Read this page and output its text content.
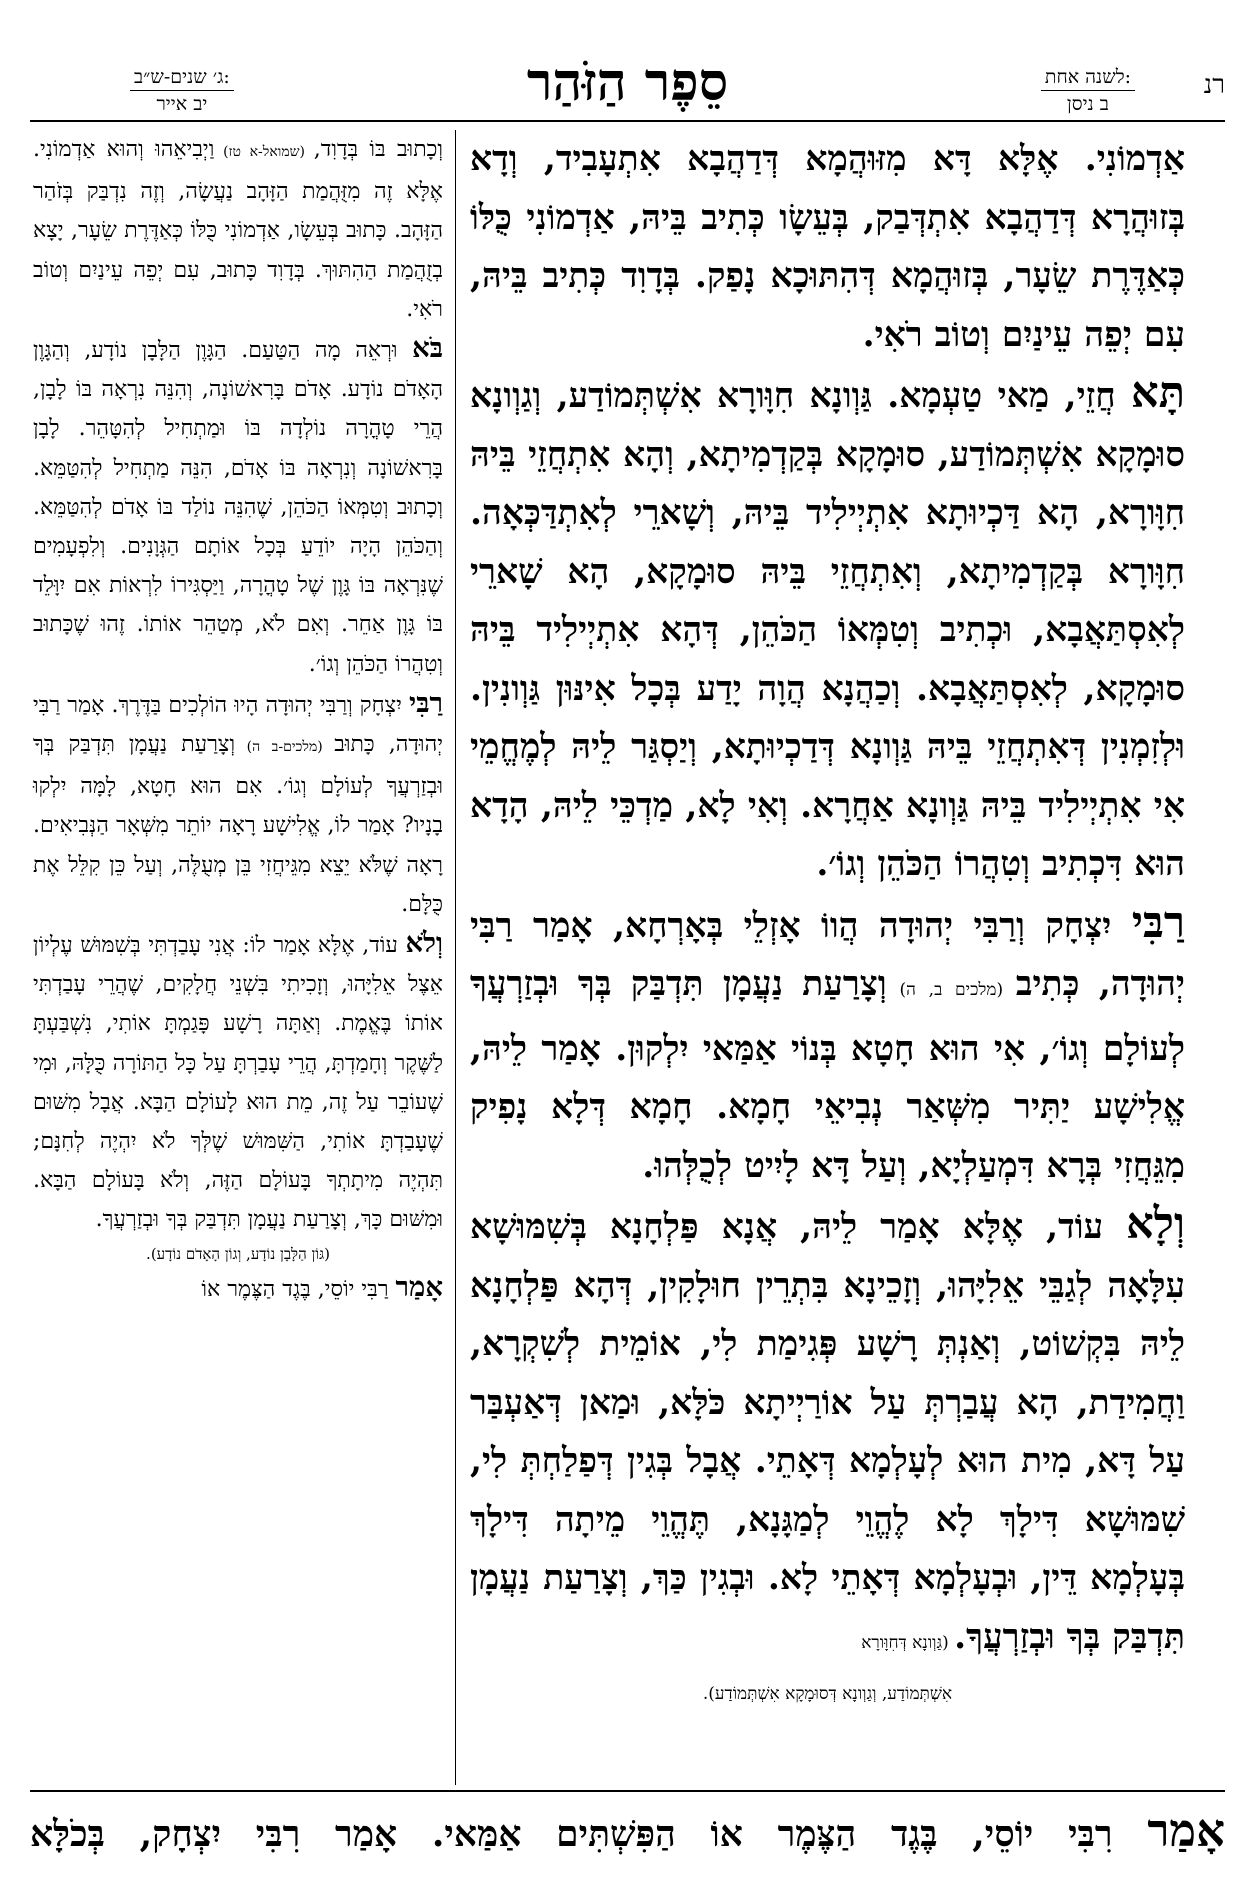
רנ
לשנה אחת:
ב ניסן
סֵפֶר הַזֹּהַר
ג׳ שנים-ש״ב:
יב אייר

אַדְמוֹנִי. אֶלָּא דָּא מִזּוּהֲמָא דְּדַהֲבָא אִתְעָבִיד, וְדָא בְּזוּהֲרָא דְּדַהֲבָא אִתְדְּבַק, בְּעֵשָׂו כְּתִיב בֵּיהּ, אַדְמוֹנִי כֻּלּוֹ כְּאַדֶּרֶת שֵׂעָר, בְּזוּהֲמָא דְּהִתּוּכָא נָפַק. בְּדָוִד כְּתִיב בֵּיהּ, עִם יְפֵה עֵינַיִם וְטוֹב רֹאִי.

תָּא חֲזֵי, מַאי טַעְמָא. גַּוְונָא חִוָּורָא אִשְׁתְּמוֹדַע, וְגַוְונָא סוּמָקָא אִשְׁתְּמוֹדַע, סוּמָקָא בְּקַדְמִיתָא, וְהָא אִתְחֲזֵי בֵּיהּ חִוָּורָא, הָא דַּכְיוּתָא אִתְיְילִיד בֵּיהּ, וְשָׁארֵי לְאִתְדַּכְּאָה. חִוָּורָא בְּקַדְמִיתָא, וְאִתְחֲזֵי בֵּיהּ סוּמָקָא, הָא שָׁארֵי לְאִסְתַּאֲבָא, וּכְתִיב וְטִמְּאוֹ הַכֹּהֵן, דְּהָא אִתְיְילִיד בֵּיהּ סוּמָקָא, לְאִסְתַּאֲבָא. וְכַהֲנָא הֲוָה יָדַע בְּכָל אִינּוּן גַּוְונִין. וּלְזִמְנִין דְּאִתְחֲזֵי בֵּיהּ גַּוְונָא דְּדַכְיוּתָא, וְיַסְגַּר לֵיהּ לְמֶחֱמֵי אִי אִתְיְילִיד בֵּיהּ גַּוְונָא אַחֲרָא. וְאִי לָא, מַדְכֵּי לֵיהּ, הָדָא הוּא דִּכְתִיב וְטִהֲרוֹ הַכֹּהֵן וְגוֹ׳.

רַבִּי יִצְחָק וְרַבִּי יְהוּדָה הֲווֹ אָזְלֵי בְּאָרְחָא, אָמַר רַבִּי יְהוּדָה, כְּתִיב (מלכים ב, ה) וְצָרַעַת נַעֲמָן תִּדְבַּק בְּךָ וּבְזַרְעֲךָ לְעוֹלָם וְגוֹ׳, אִי הוּא חָטָא בְּנוֹי אַמַּאי יִלְקוּן. אָמַר לֵיהּ, אֱלִישָׁע יַתִּיר מִשְּׁאַר נְבִיאֵי חָמָא. חָמָא דְּלָא נָפִיק מִגֵּחֲזִי בְּרָא דִּמְעַלְיָא, וְעַל דָּא לָיִיט לְכֻלְּהוּ.

וְלָא עוֹד, אֶלָּא אָמַר לֵיהּ, אֲנָא פַּלְחָנָא בְּשִׁמּוּשָׁא עִלָּאָה לְגַבֵּי אֵלִיָּהוּ, וְזָכֵינָא בִּתְרֵין חוּלָקִין, דְּהָא פַּלְחָנָא לֵיהּ בִּקְשׁוֹט, וְאַנְתְּ רָשָׁע פְּגִימַת לִי, אוֹמֵית לְשִׁקְרָא, וַחֲמִידַת, הָא עֲבַרְתְּ עַל אוֹרַיְיתָא כֹּלָּא, וּמַאן דְּאַעְבַּר עַל דָּא, מִית הוּא לְעָלְמָא דְּאָתֵי. אֲבָל בְּגִין דְּפַלַחְתְּ לִי, שִׁמּוּשָׁא דִּילָךְ לָא לֶהֱוֵי לְמַגָּנָא, תֶּהֱוֵי מֵיתָה דִּילָךְ בְּעָלְמָא דֵּין, וּבְעָלְמָא דְּאָתֵי לָא. וּבְגִין כַּךְ, וְצָרַעַת נַעֲמָן תִּדְבַּק בְּךָ וּבְזַרְעֲךָ. (גַּוְונָא דְּחִוָּורָא

אִשְׁתְּמוֹדַע, וְגַוְונָא דְּסוּמָקָא אִשְׁתְּמוֹדַע).

וְכָתוּב בּוֹ בְּדָוִד, (שמואל-א טז) וַיְבִיאֵהוּ וְהוּא אַדְמוֹנִי. אֶלָּא זֶה מִזֻּהֲמַת הַזָּהָב נַעֲשָׂה, וְזֶה נִדְבַּק בְּזֹהַר הַזָּהָב. כָּתוּב בְּעֵשָׂו, אַדְמוֹנִי כֻּלּוֹ כְּאַדֶּרֶת שֵׂעָר, יָצָא בְזֻהֲמַת הַהִתּוּךְ. בְּדָוִד כָּתוּב, עִם יְפֵה עֵינַיִם וְטוֹב רֹאִי.

בֹּא וּרְאֵה מָה הַטַּעַם. הַגָּוֶן הַלָּבָן נוֹדָע, וְהַגָּוֶן הָאָדֹם נוֹדָע. אָדֹם בָּרִאשׁוֹנָה, וְהִנֵּה נִרְאָה בּוֹ לָבָן, הֲרֵי טָהֳרָה נוֹלְדָה בּוֹ וּמַתְחִיל לְהִטָּהֵר. לָבָן בָּרִאשׁוֹנָה וְנִרְאָה בּוֹ אָדֹם, הִנֵּה מַתְחִיל לְהִטַּמֵּא. וְכָתוּב וְטִמְּאוֹ הַכֹּהֵן, שֶׁהִנֵּה נוֹלַד בּוֹ אָדֹם לְהִטַּמֵּא. וְהַכֹּהֵן הָיָה יוֹדֵעַ בְּכָל אוֹתָם הַגְּוָנִים. וְלִפְעָמִים שֶׁנִּרְאָה בּוֹ גָּוֶן שֶׁל טָהֳרָה, וַיַּסְגִּירוֹ לִרְאוֹת אִם יִוָּלֵד בּוֹ גָּוֶן אַחֵר. וְאִם לֹא, מְטַהֵר אוֹתוֹ. זֶהוּ שֶׁכָּתוּב וְטִהֲרוֹ הַכֹּהֵן וְגוֹ׳.

רַבִּי יִצְחָק וְרַבִּי יְהוּדָה הָיוּ הוֹלְכִים בַּדֶּרֶךְ. אָמַר רַבִּי יְהוּדָה, כָּתוּב (מלכים-ב ה) וְצָרַעַת נַעֲמָן תִּדְבַּק בְּךָ וּבְזַרְעֲךָ לְעוֹלָם וְגוֹ׳. אִם הוּא חָטָא, לָמָּה יִלְקוּ בָנָיו? אָמַר לוֹ, אֱלִישָׁע רָאָה יוֹתֵר מִשְּׁאָר הַנְּבִיאִים. רָאָה שֶׁלֹּא יֵצֵא מִגֵּיחֲזִי בֵּן מְעֻלֶּה, וְעַל כֵּן קִלֵּל אֶת כֻּלָּם.

וְלֹא עוֹד, אֶלָּא אָמַר לוֹ: אֲנִי עָבַדְתִּי בְּשִׁמּוּשׁ עֶלְיוֹן אֵצֶל אֵלִיָּהוּ, וְזָכִיתִי בִּשְׁנֵי חֲלָקִים, שֶׁהֲרֵי עָבַדְתִּי אוֹתוֹ בֶּאֱמֶת. וְאַתָּה רָשָׁע פָּגַמְתָּ אוֹתִי, נִשְׁבַּעְתָּ לַשֶּׁקֶר וְחָמַדְתָּ, הֲרֵי עָבַרְתָּ עַל כָּל הַתּוֹרָה כֻּלָּהּ, וּמִי שֶׁעוֹבֵר עַל זֶה, מֵת הוּא לָעוֹלָם הַבָּא. אֲבָל מִשּׁוּם שֶׁעָבַדְתָּ אוֹתִי, הַשִּׁמּוּשׁ שֶׁלְּךָ לֹא יִהְיֶה לְחִנָּם; תִּהְיֶה מִיתָתְךָ בָּעוֹלָם הַזֶּה, וְלֹא בָּעוֹלָם הַבָּא. וּמִשּׁוּם כָּךְ, וְצָרַעַת נַעֲמָן תִּדְבַּק בְּךָ וּבְזַרְעֲךָ.

(גּוֹן הַלָּבָן נוֹדָע, וְגוֹן הָאָדֹם נוֹדָע).

אָמַר רַבִּי יוֹסֵי, בֶּגֶד הַצֶּמֶר אוֹ

אָמַר רִבִּי יוֹסֵי, בֶּגֶד הַצֶּמֶר אוֹ הַפִּשְׁתִּים אַמַּאי. אָמַר רִבִּי יִצְחָק, בְּכֹלָּא
